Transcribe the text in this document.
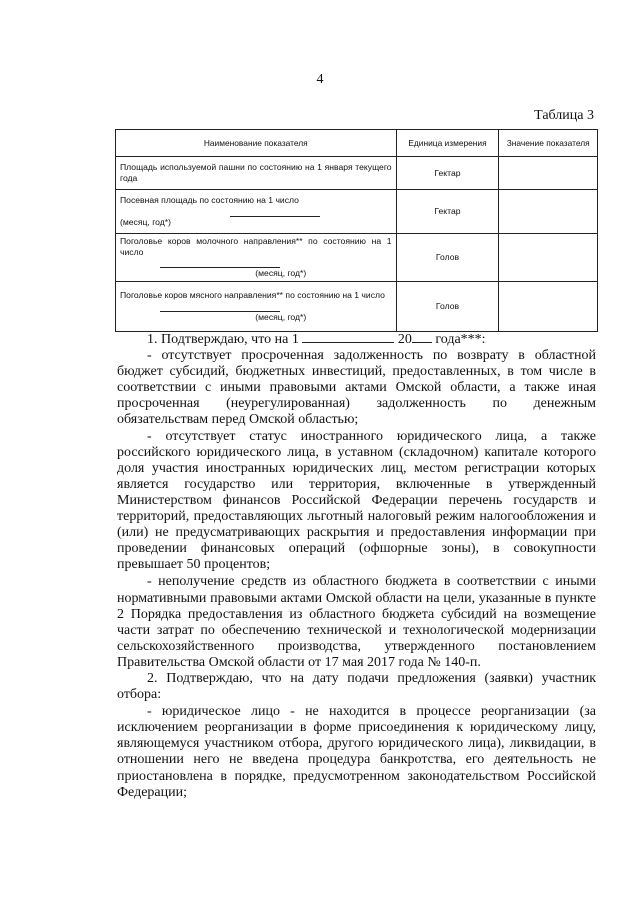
4
Таблица 3
Наименование показателя	Единица измерения	Значение показателя
Площадь используемой пашни по состоянию на 1 января текущего года	Гектар	

Посевная площадь по состоянию на 1 число
(месяц, год*)	Гектар	

Поголовье коров молочного направления** по состоянию на 1 число
(месяц, год*)	Голов	

Поголовье коров мясного направления** по состоянию на 1 число
(месяц, год*)	Голов	

1. Подтверждаю, что на 1	20 года***:

- отсутствует просроченная задолженность по возврату в областной бюджет субсидий, бюджетных инвестиций, предоставленных, в том числе в соответствии с иными правовыми актами Омской области, а также иная просроченная (неурегулированная) задолженность по денежным обязательствам перед Омской областью;

- отсутствует статус иностранного юридического лица, а также российского юридического лица, в уставном (складочном) капитале которого доля участия иностранных юридических лиц, местом регистрации которых является государство или территория, включенные в утвержденный Министерством финансов Российской Федерации перечень государств и территорий, предоставляющих льготный налоговый режим налогообложения и (или) не предусматривающих раскрытия и предоставления информации при проведении финансовых операций (офшорные зоны), в совокупности превышает 50 процентов;

- неполучение средств из областного бюджета в соответствии с иными нормативными правовыми актами Омской области на цели, указанные в пункте 2 Порядка предоставления из областного бюджета субсидий на возмещение части затрат по обеспечению технической и технологической модернизации сельскохозяйственного производства, утвержденного постановлением Правительства Омской области от 17 мая 2017 года № 140-п.

2. Подтверждаю, что на дату подачи предложения (заявки) участник отбора:

- юридическое лицо - не находится в процессе реорганизации (за исключением реорганизации в форме присоединения к юридическому лицу, являющемуся участником отбора, другого юридического лица), ликвидации, в отношении него не введена процедура банкротства, его деятельность не приостановлена в порядке, предусмотренном законодательством Российской Федерации;
